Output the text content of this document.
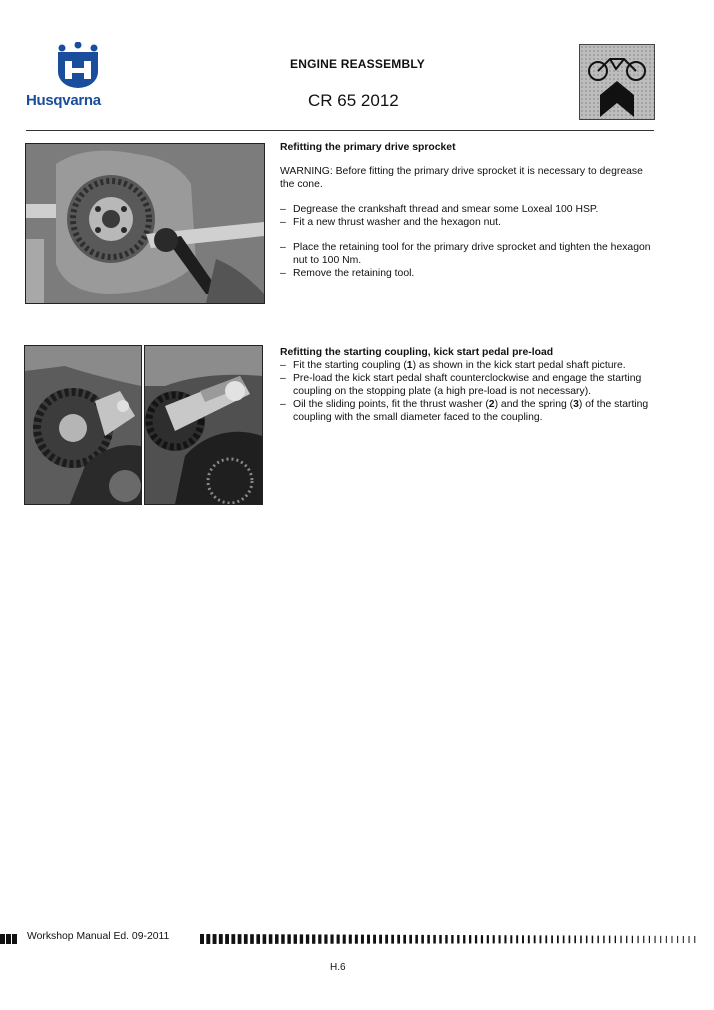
Husqvarna
ENGINE REASSEMBLY
CR 65 2012

Refitting the primary drive sprocket

WARNING: Before fitting the primary drive sprocket it is necessary to degrease the cone.

– Degrease the crankshaft thread and smear some Loxeal 100 HSP.
– Fit a new thrust washer and the hexagon nut.
– Place the retaining tool for the primary drive sprocket and tighten the hexagon nut to 100 Nm.
– Remove the retaining tool.

Refitting the starting coupling, kick start pedal pre-load

– Fit the starting coupling (1) as shown in the kick start pedal shaft picture.
– Pre-load the kick start pedal shaft counterclockwise and engage the starting coupling on the stopping plate (a high pre-load is not necessary).
– Oil the sliding points, fit the thrust washer (2) and the spring (3) of the starting coupling with the small diameter faced to the coupling.
Workshop Manual Ed. 09-2011
H.6
